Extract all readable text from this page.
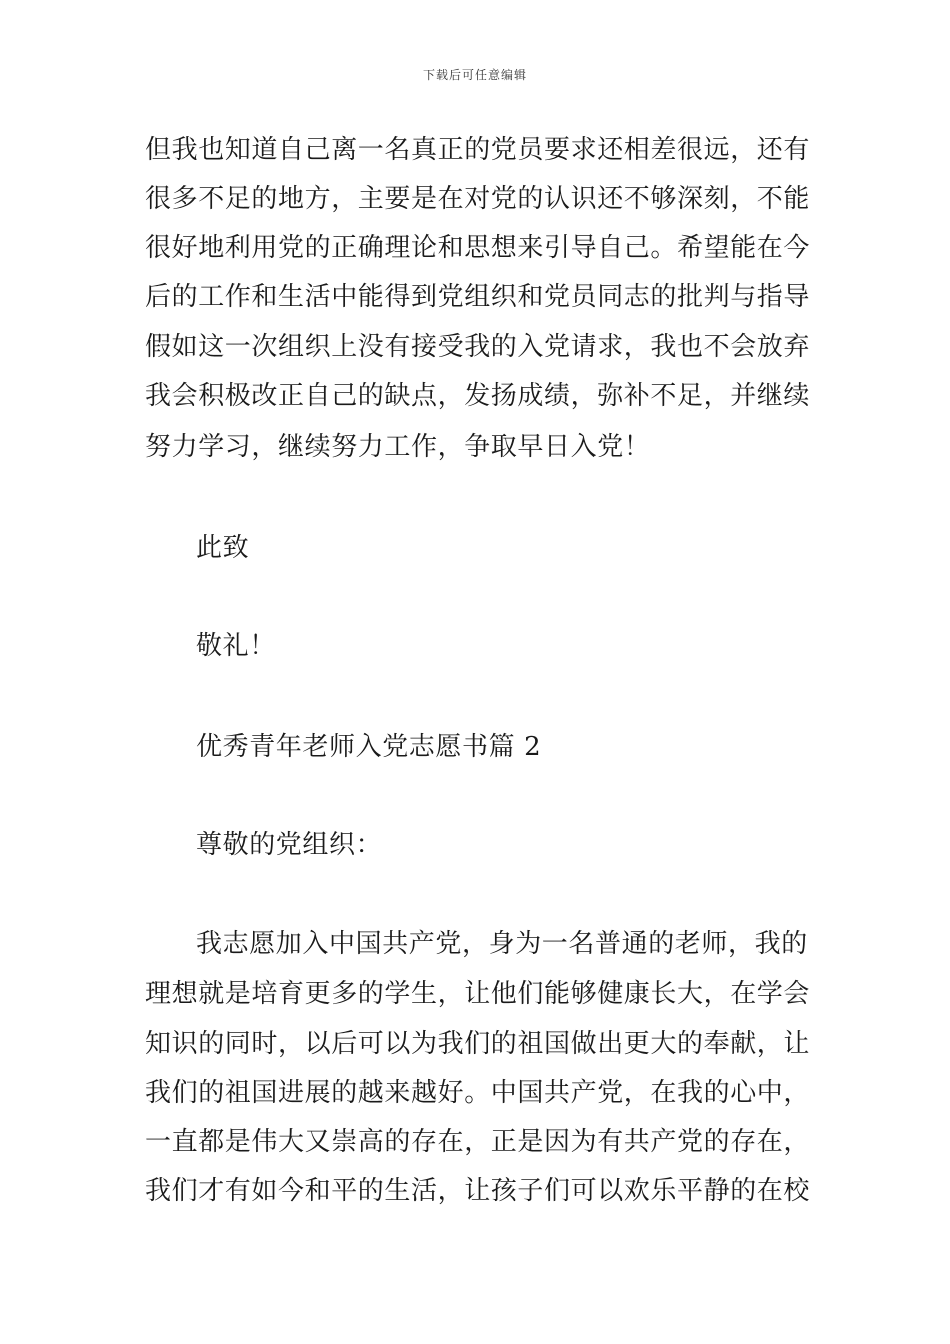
下载后可任意编辑
但我也知道自己离一名真正的党员要求还相差很远，还有
很多不足的地方，主要是在对党的认识还不够深刻，不能
很好地利用党的正确理论和思想来引导自己。希望能在今
后的工作和生活中能得到党组织和党员同志的批判与指导
假如这一次组织上没有接受我的入党请求，我也不会放弃
我会积极改正自己的缺点，发扬成绩，弥补不足，并继续
努力学习，继续努力工作，争取早日入党！
此致
敬礼！
优秀青年老师入党志愿书篇 2
尊敬的党组织：
我志愿加入中国共产党，身为一名普通的老师，我的
理想就是培育更多的学生，让他们能够健康长大，在学会
知识的同时，以后可以为我们的祖国做出更大的奉献，让
我们的祖国进展的越来越好。中国共产党，在我的心中，
一直都是伟大又崇高的存在，正是因为有共产党的存在，
我们才有如今和平的生活，让孩子们可以欢乐平静的在校
